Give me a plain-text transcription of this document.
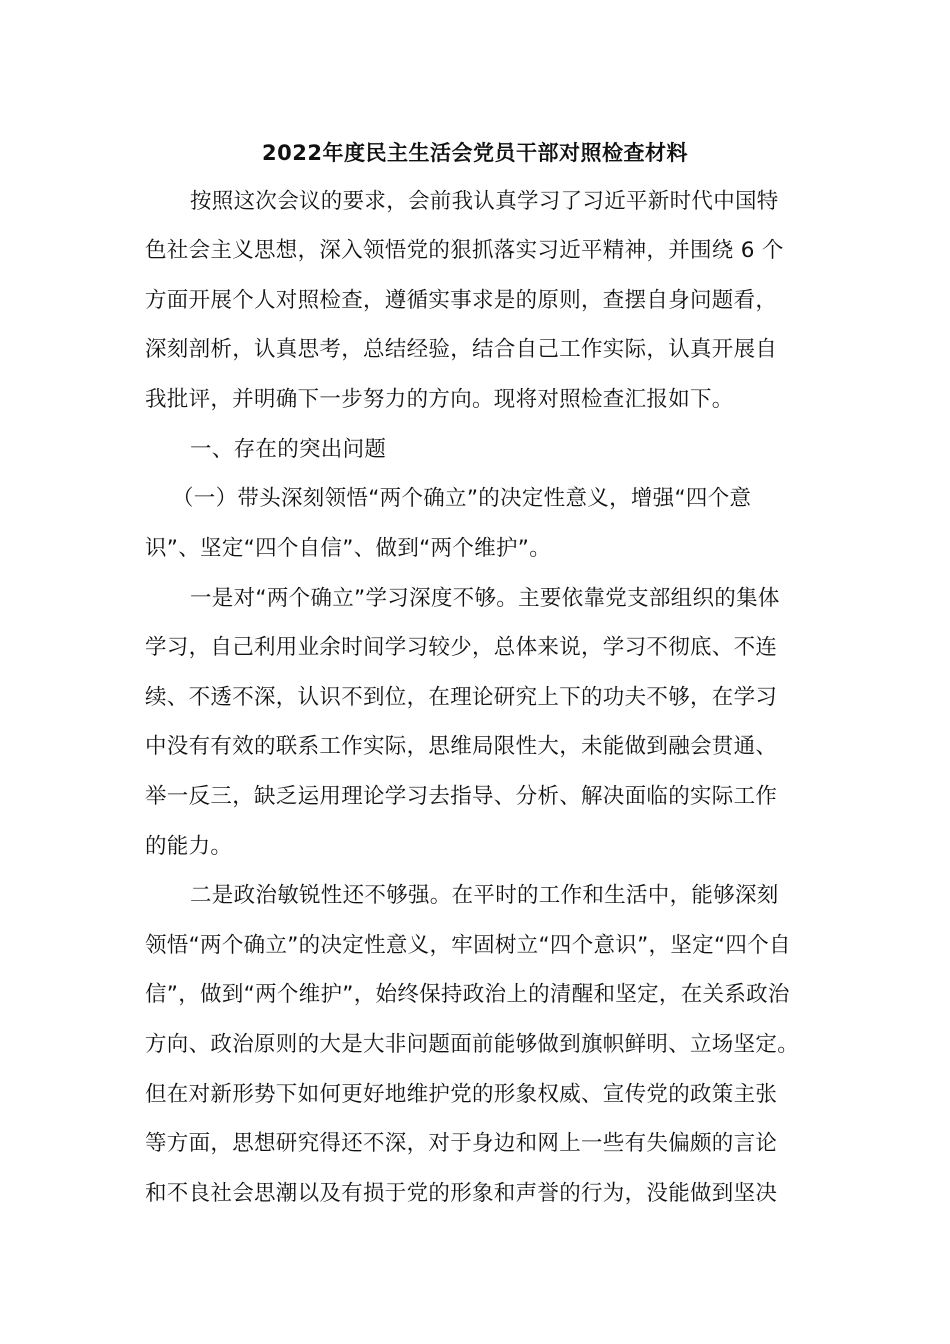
2022年度民主生活会党员干部对照检查材料
按照这次会议的要求，会前我认真学习了习近平新时代中国特
色社会主义思想，深入领悟党的狠抓落实习近平精神，并围绕 6 个
方面开展个人对照检查，遵循实事求是的原则，查摆自身问题看，
深刻剖析，认真思考，总结经验，结合自己工作实际，认真开展自
我批评，并明确下一步努力的方向。现将对照检查汇报如下。
一、存在的突出问题
（一）带头深刻领悟“两个确立”的决定性意义，增强“四个意
识”、坚定“四个自信”、做到“两个维护”。
一是对“两个确立”学习深度不够。主要依靠党支部组织的集体
学习，自己利用业余时间学习较少，总体来说，学习不彻底、不连
续、不透不深，认识不到位，在理论研究上下的功夫不够，在学习
中没有有效的联系工作实际，思维局限性大，未能做到融会贯通、
举一反三，缺乏运用理论学习去指导、分析、解决面临的实际工作
的能力。
二是政治敏锐性还不够强。在平时的工作和生活中，能够深刻
领悟“两个确立”的决定性意义，牢固树立“四个意识”，坚定“四个自
信”，做到“两个维护”，始终保持政治上的清醒和坚定，在关系政治
方向、政治原则的大是大非问题面前能够做到旗帜鲜明、立场坚定。
但在对新形势下如何更好地维护党的形象权威、宣传党的政策主张
等方面，思想研究得还不深，对于身边和网上一些有失偏颇的言论
和不良社会思潮以及有损于党的形象和声誉的行为，没能做到坚决
